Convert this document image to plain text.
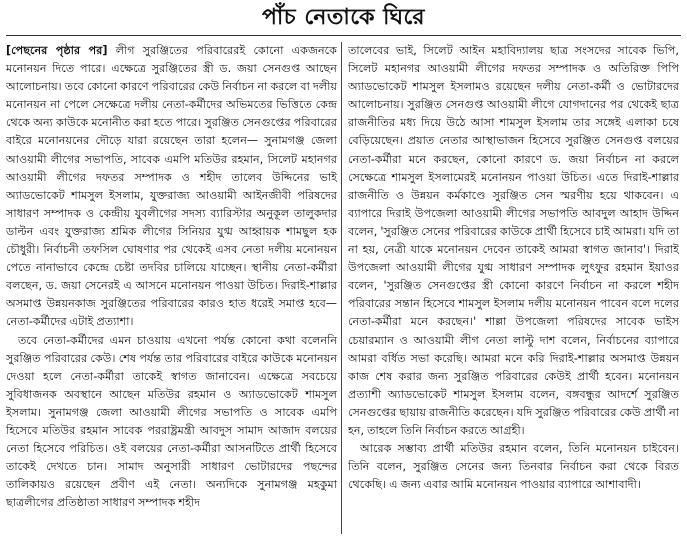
পাঁচ নেতাকে ঘিরে

[পেছনের পৃষ্ঠার পর] লীগ সুরঞ্জিতের পরিবারেরই কোনো একজনকে মনোনয়ন দিতে পারে। এক্ষেত্রে সুরঞ্জিতের স্ত্রী ড. জয়া সেনগুপ্ত আছেন আলোচনায়। তবে কোনো কারণে পরিবারের কেউ নির্বাচন না করলে বা দলীয় মনোনয়ন না পেলে সেক্ষেত্রে দলীয় নেতা-কর্মীদের অভিমতের ভিত্তিতে কেন্দ্র থেকে অন্য কাউকে মনোনীত করা হতে পারে। সুরঞ্জিত সেনগুপ্তের পরিবারের বাইরে মনোনয়নের দৌড়ে যারা রয়েছেন তারা হলেন— সুনামগঞ্জ জেলা আওয়ামী লীগের সভাপতি, সাবেক এমপি মতিউর রহমান, সিলেট মহানগর আওয়ামী লীগের দফতর সম্পাদক ও শহীদ তালেব উদ্দিনের ভাই অ্যাডভোকেট শামসুল ইসলাম, যুক্তরাজ্য আওয়ামী আইনজীবী পরিষদের সাধারণ সম্পাদক ও কেন্দ্রীয় যুবলীগের সদস্য ব্যারিস্টার অনুকূল তালুকদার ডাল্টন এবং যুক্তরাজ্য শ্রমিক লীগের সিনিয়র যুগ্ম আহ্বায়ক শামছুল হক চৌধুরী। নির্বাচনী তফসিল ঘোষণার পর থেকেই এসব নেতা দলীয় মনোনয়ন পেতে নানাভাবে কেন্দ্রে চেষ্টা তদবির চালিয়ে যাচ্ছেন। স্থানীয় নেতা-কর্মীরা বলছেন, ড. জয়া সেনেরই এ আসনে মনোনয়ন পাওয়া উচিত। দিরাই-শাল্লার অসমাপ্ত উন্নয়নকাজ সুরঞ্জিতের পরিবারের কারও হাত ধরেই সমাপ্ত হবে— নেতা-কর্মীদের এটাই প্রত্যাশা।

তবে নেতা-কর্মীদের এমন চাওয়ায় এখনো পর্যন্ত কোনো কথা বলেননি সুরঞ্জিত পরিবারের কেউ। শেষ পর্যন্ত তার পরিবারের বাইরে কাউকে মনোনয়ন দেওয়া হলে নেতা-কর্মীরা তাকেই স্বাগত জানাবেন। এক্ষেত্রে সবচেয়ে সুবিধাজনক অবস্থানে আছেন মতিউর রহমান ও অ্যাডভোকেট শামসুল ইসলাম। সুনামগঞ্জ জেলা আওয়ামী লীগের সভাপতি ও সাবেক এমপি হিসেবে মতিউর রহমান সাবেক পররাষ্ট্রমন্ত্রী আবদুস সামাদ আজাদ বলয়ের নেতা হিসেবে পরিচিত। ওই বলয়ের নেতা-কর্মীরা আসনটিতে প্রার্থী হিসেবে তাকেই দেখতে চান। সামাদ অনুসারী সাধারণ ভোটারদের পছন্দের তালিকায়ও রয়েছেন প্রবীণ এই নেতা। অন্যদিকে সুনামগঞ্জ মহকুমা ছাত্রলীগের প্রতিষ্ঠাতা সাধারণ সম্পাদক শহীদ

তালেবের ভাই, সিলেট আইন মহাবিদ্যালয় ছাত্র সংসদের সাবেক ভিপি, সিলেট মহানগর আওয়ামী লীগের দফতর সম্পাদক ও অতিরিক্ত পিপি অ্যাডভোকেট শামসুল ইসলামও রয়েছেন দলীয় নেতা-কর্মী ও ভোটারদের আলোচনায়। সুরঞ্জিত সেনগুপ্ত আওয়ামী লীগে যোগদানের পর থেকেই ছাত্র রাজনীতির মধ্য দিয়ে উঠে আসা শামসুল ইসলাম তার সঙ্গেই এলাকা চষে বেড়িয়েছেন। প্রয়াত নেতার আস্থাভাজন হিসেবে সুরঞ্জিত সেনগুপ্ত বলয়ের নেতা-কর্মীরা মনে করছেন, কোনো কারণে ড. জয়া নির্বাচন না করলে সেক্ষেত্রে শামসুল ইসলামেরই মনোনয়ন পাওয়া উচিত। এতে দিরাই-শাল্লার রাজনীতি ও উন্নয়ন কর্মকাণ্ডে সুরঞ্জিত সেন স্মরণীয় হয়ে থাকবেন। এ ব্যাপারে দিরাই উপজেলা আওয়ামী লীগের সভাপতি আবদুল আহাদ উদ্দিন বলেন, 'সুরঞ্জিত সেনের পরিবারের কাউকে প্রার্থী হিসেবে চাই আমরা। যদি তা না হয়, নেত্রী যাকে মনোনয়ন দেবেন তাকেই আমরা স্বাগত জানাব'। দিরাই উপজেলা আওয়ামী লীগের যুগ্ম সাধারণ সম্পাদক লুৎফুর রহমান ইয়াওর বলেন, 'সুরঞ্জিত সেনগুপ্তের স্ত্রী কোনো কারণে নির্বাচন না করলে শহীদ পরিবারের সন্তান হিসেবে শামসুল ইসলাম দলীয় মনোনয়ন পাবেন বলে দলের নেতা-কর্মীরা মনে করছেন।' শাল্লা উপজেলা পরিষদের সাবেক ভাইস চেয়ারম্যান ও আওয়ামী লীগ নেতা লাল্টু দাশ বলেন, নির্বাচনের ব্যাপারে আমরা বর্ধিত সভা করেছি। আমরা মনে করি দিরাই-শাল্লার অসমাপ্ত উন্নয়ন কাজ শেষ করার জন্য সুরঞ্জিত পরিবারের কেউই প্রার্থী হবেন। মনোনয়ন প্রত্যাশী অ্যাডভোকেট শামসুল ইসলাম বলেন, বঙ্গবন্ধুর আদর্শে সুরঞ্জিত সেনগুপ্তের ছায়ায় রাজনীতি করেছেন। যদি সুরঞ্জিত পরিবারের কেউ প্রার্থী না হন, তাহলে তিনি নির্বাচন করতে আগ্রহী।

আরেক সম্ভাব্য প্রার্থী মতিউর রহমান বলেন, তিনি মনোনয়ন চাইবেন। তিনি বলেন, সুরঞ্জিত সেনের জন্য তিনবার নির্বাচন করা থেকে বিরত থেকেছি। এ জন্য এবার আমি মনোনয়ন পাওয়ার ব্যাপারে আশাবাদী।
